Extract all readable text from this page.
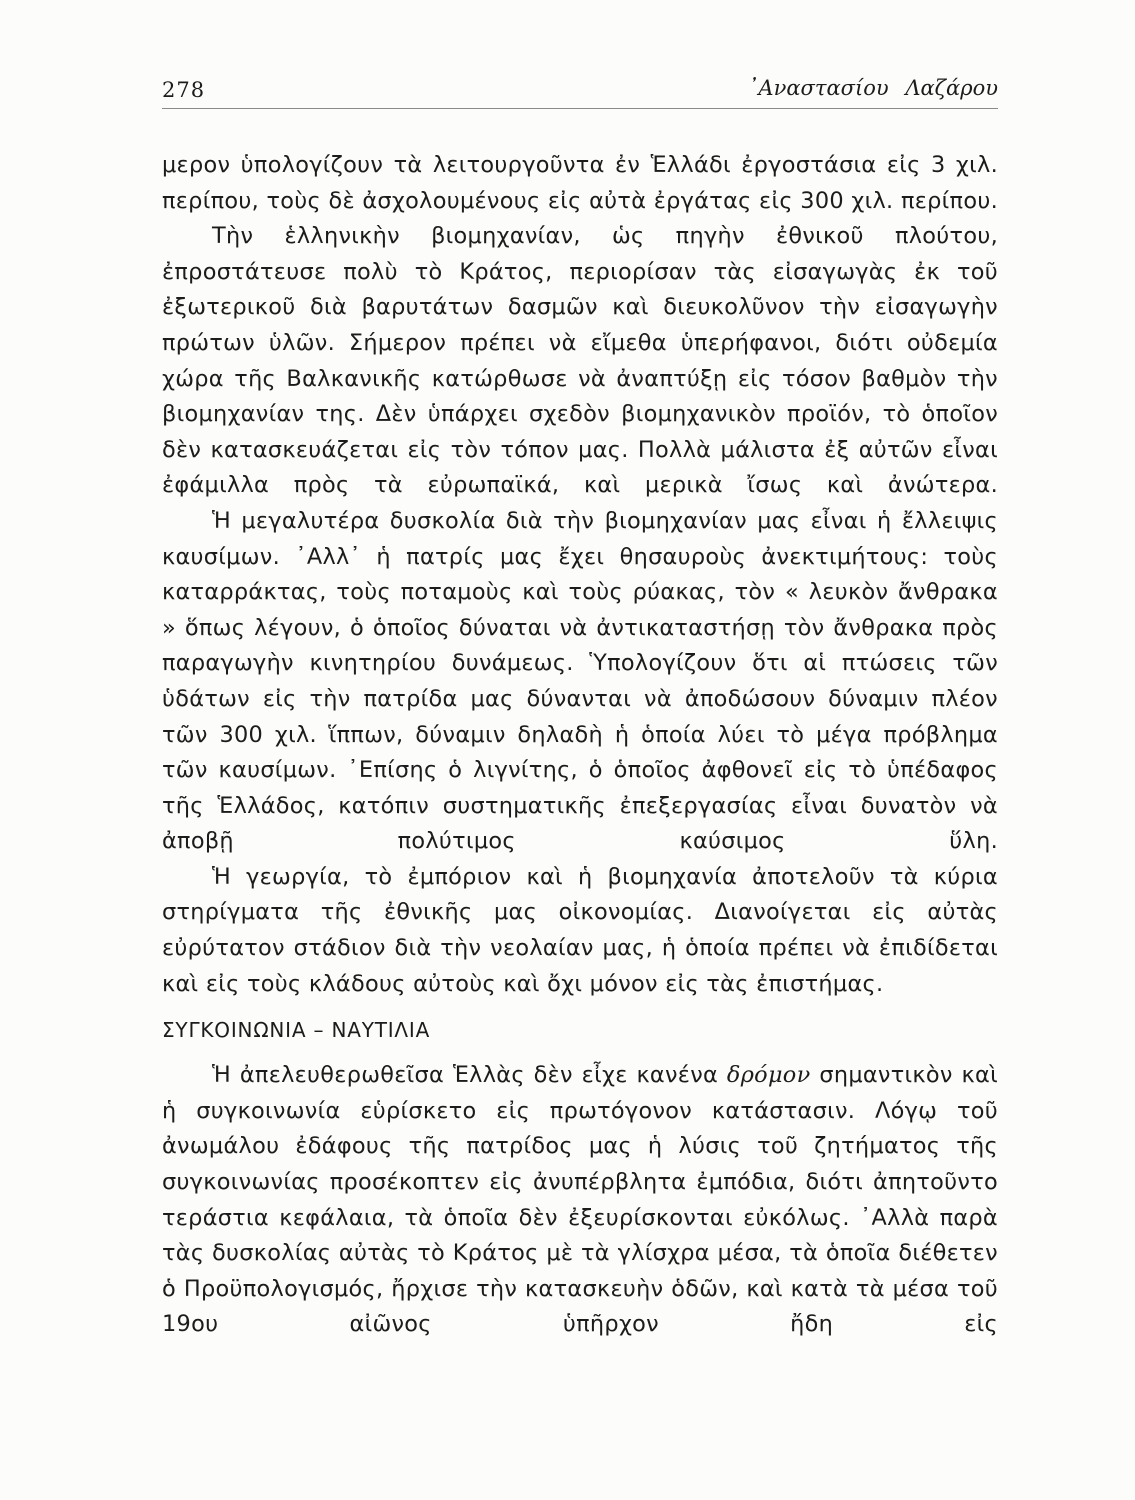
278	᾿Αναστασίου Λαζάρου

μερον ὑπολογίζουν τὰ λειτουργοῦντα ἐν Ἑλλάδι ἐργοστάσια εἰς 3 χιλ. περίπου, τοὺς δὲ ἀσχολουμένους εἰς αὐτὰ ἐργάτας εἰς 300 χιλ. περίπου.

Τὴν ἑλληνικὴν βιομηχανίαν, ὡς πηγὴν ἐθνικοῦ πλούτου, ἐπροστάτευσε πολὺ τὸ Κράτος, περιορίσαν τὰς εἰσαγωγὰς ἐκ τοῦ ἐξωτερικοῦ διὰ βαρυτάτων δασμῶν καὶ διευκολῦνον τὴν εἰσαγωγὴν πρώτων ὑλῶν. Σήμερον πρέπει νὰ εἴμεθα ὑπερήφανοι, διότι οὐδεμία χώρα τῆς Βαλκανικῆς κατώρθωσε νὰ ἀναπτύξῃ εἰς τόσον βαθμὸν τὴν βιομηχανίαν της. Δὲν ὑπάρχει σχεδὸν βιομηχανικὸν προϊόν, τὸ ὁποῖον δὲν κατασκευάζεται εἰς τὸν τόπον μας. Πολλὰ μάλιστα ἐξ αὐτῶν εἶναι ἐφάμιλλα πρὸς τὰ εὐρωπαϊκά, καὶ μερικὰ ἴσως καὶ ἀνώτερα.

Ἡ μεγαλυτέρα δυσκολία διὰ τὴν βιομηχανίαν μας εἶναι ἡ ἔλλειψις καυσίμων. ᾿Αλλ᾿ ἡ πατρίς μας ἔχει θησαυροὺς ἀνεκτιμήτους: τοὺς καταρράκτας, τοὺς ποταμοὺς καὶ τοὺς ρύακας, τὸν « λευκὸν ἄνθρακα » ὅπως λέγουν, ὁ ὁποῖος δύναται νὰ ἀντικαταστήσῃ τὸν ἄνθρακα πρὸς παραγωγὴν κινητηρίου δυνάμεως. Ὑπολογίζουν ὅτι αἱ πτώσεις τῶν ὑδάτων εἰς τὴν πατρίδα μας δύνανται νὰ ἀποδώσουν δύναμιν πλέον τῶν 300 χιλ. ἵππων, δύναμιν δηλαδὴ ἡ ὁποία λύει τὸ μέγα πρόβλημα τῶν καυσίμων. ᾿Επίσης ὁ λιγνίτης, ὁ ὁποῖος ἀφθονεῖ εἰς τὸ ὑπέδαφος τῆς Ἑλλάδος, κατόπιν συστηματικῆς ἐπεξεργασίας εἶναι δυνατὸν νὰ ἀποβῇ πολύτιμος καύσιμος ὕλη.

Ἡ γεωργία, τὸ ἐμπόριον καὶ ἡ βιομηχανία ἀποτελοῦν τὰ κύρια στηρίγματα τῆς ἐθνικῆς μας οἰκονομίας. Διανοίγεται εἰς αὐτὰς εὐρύτατον στάδιον διὰ τὴν νεολαίαν μας, ἡ ὁποία πρέπει νὰ ἐπιδίδεται καὶ εἰς τοὺς κλάδους αὐτοὺς καὶ ὄχι μόνον εἰς τὰς ἐπιστήμας.

ΣΥΓΚΟΙΝΩΝΙΑ – ΝΑΥΤΙΛΙΑ

Ἡ ἀπελευθερωθεῖσα Ἑλλὰς δὲν εἶχε κανένα δρόμον σημαντικὸν καὶ ἡ συγκοινωνία εὑρίσκετο εἰς πρωτόγονον κατάστασιν. Λόγῳ τοῦ ἀνωμάλου ἐδάφους τῆς πατρίδος μας ἡ λύσις τοῦ ζητήματος τῆς συγκοινωνίας προσέκοπτεν εἰς ἀνυπέρβλητα ἐμπόδια, διότι ἀπητοῦντο τεράστια κεφάλαια, τὰ ὁποῖα δὲν ἐξευρίσκονται εὐκόλως. ᾿Αλλὰ παρὰ τὰς δυσκολίας αὐτὰς τὸ Κράτος μὲ τὰ γλίσχρα μέσα, τὰ ὁποῖα διέθετεν ὁ Προϋπολογισμός, ἤρχισε τὴν κατασκευὴν ὁδῶν, καὶ κατὰ τὰ μέσα τοῦ 19ου αἰῶνος ὑπῆρχον ἤδη εἰς
